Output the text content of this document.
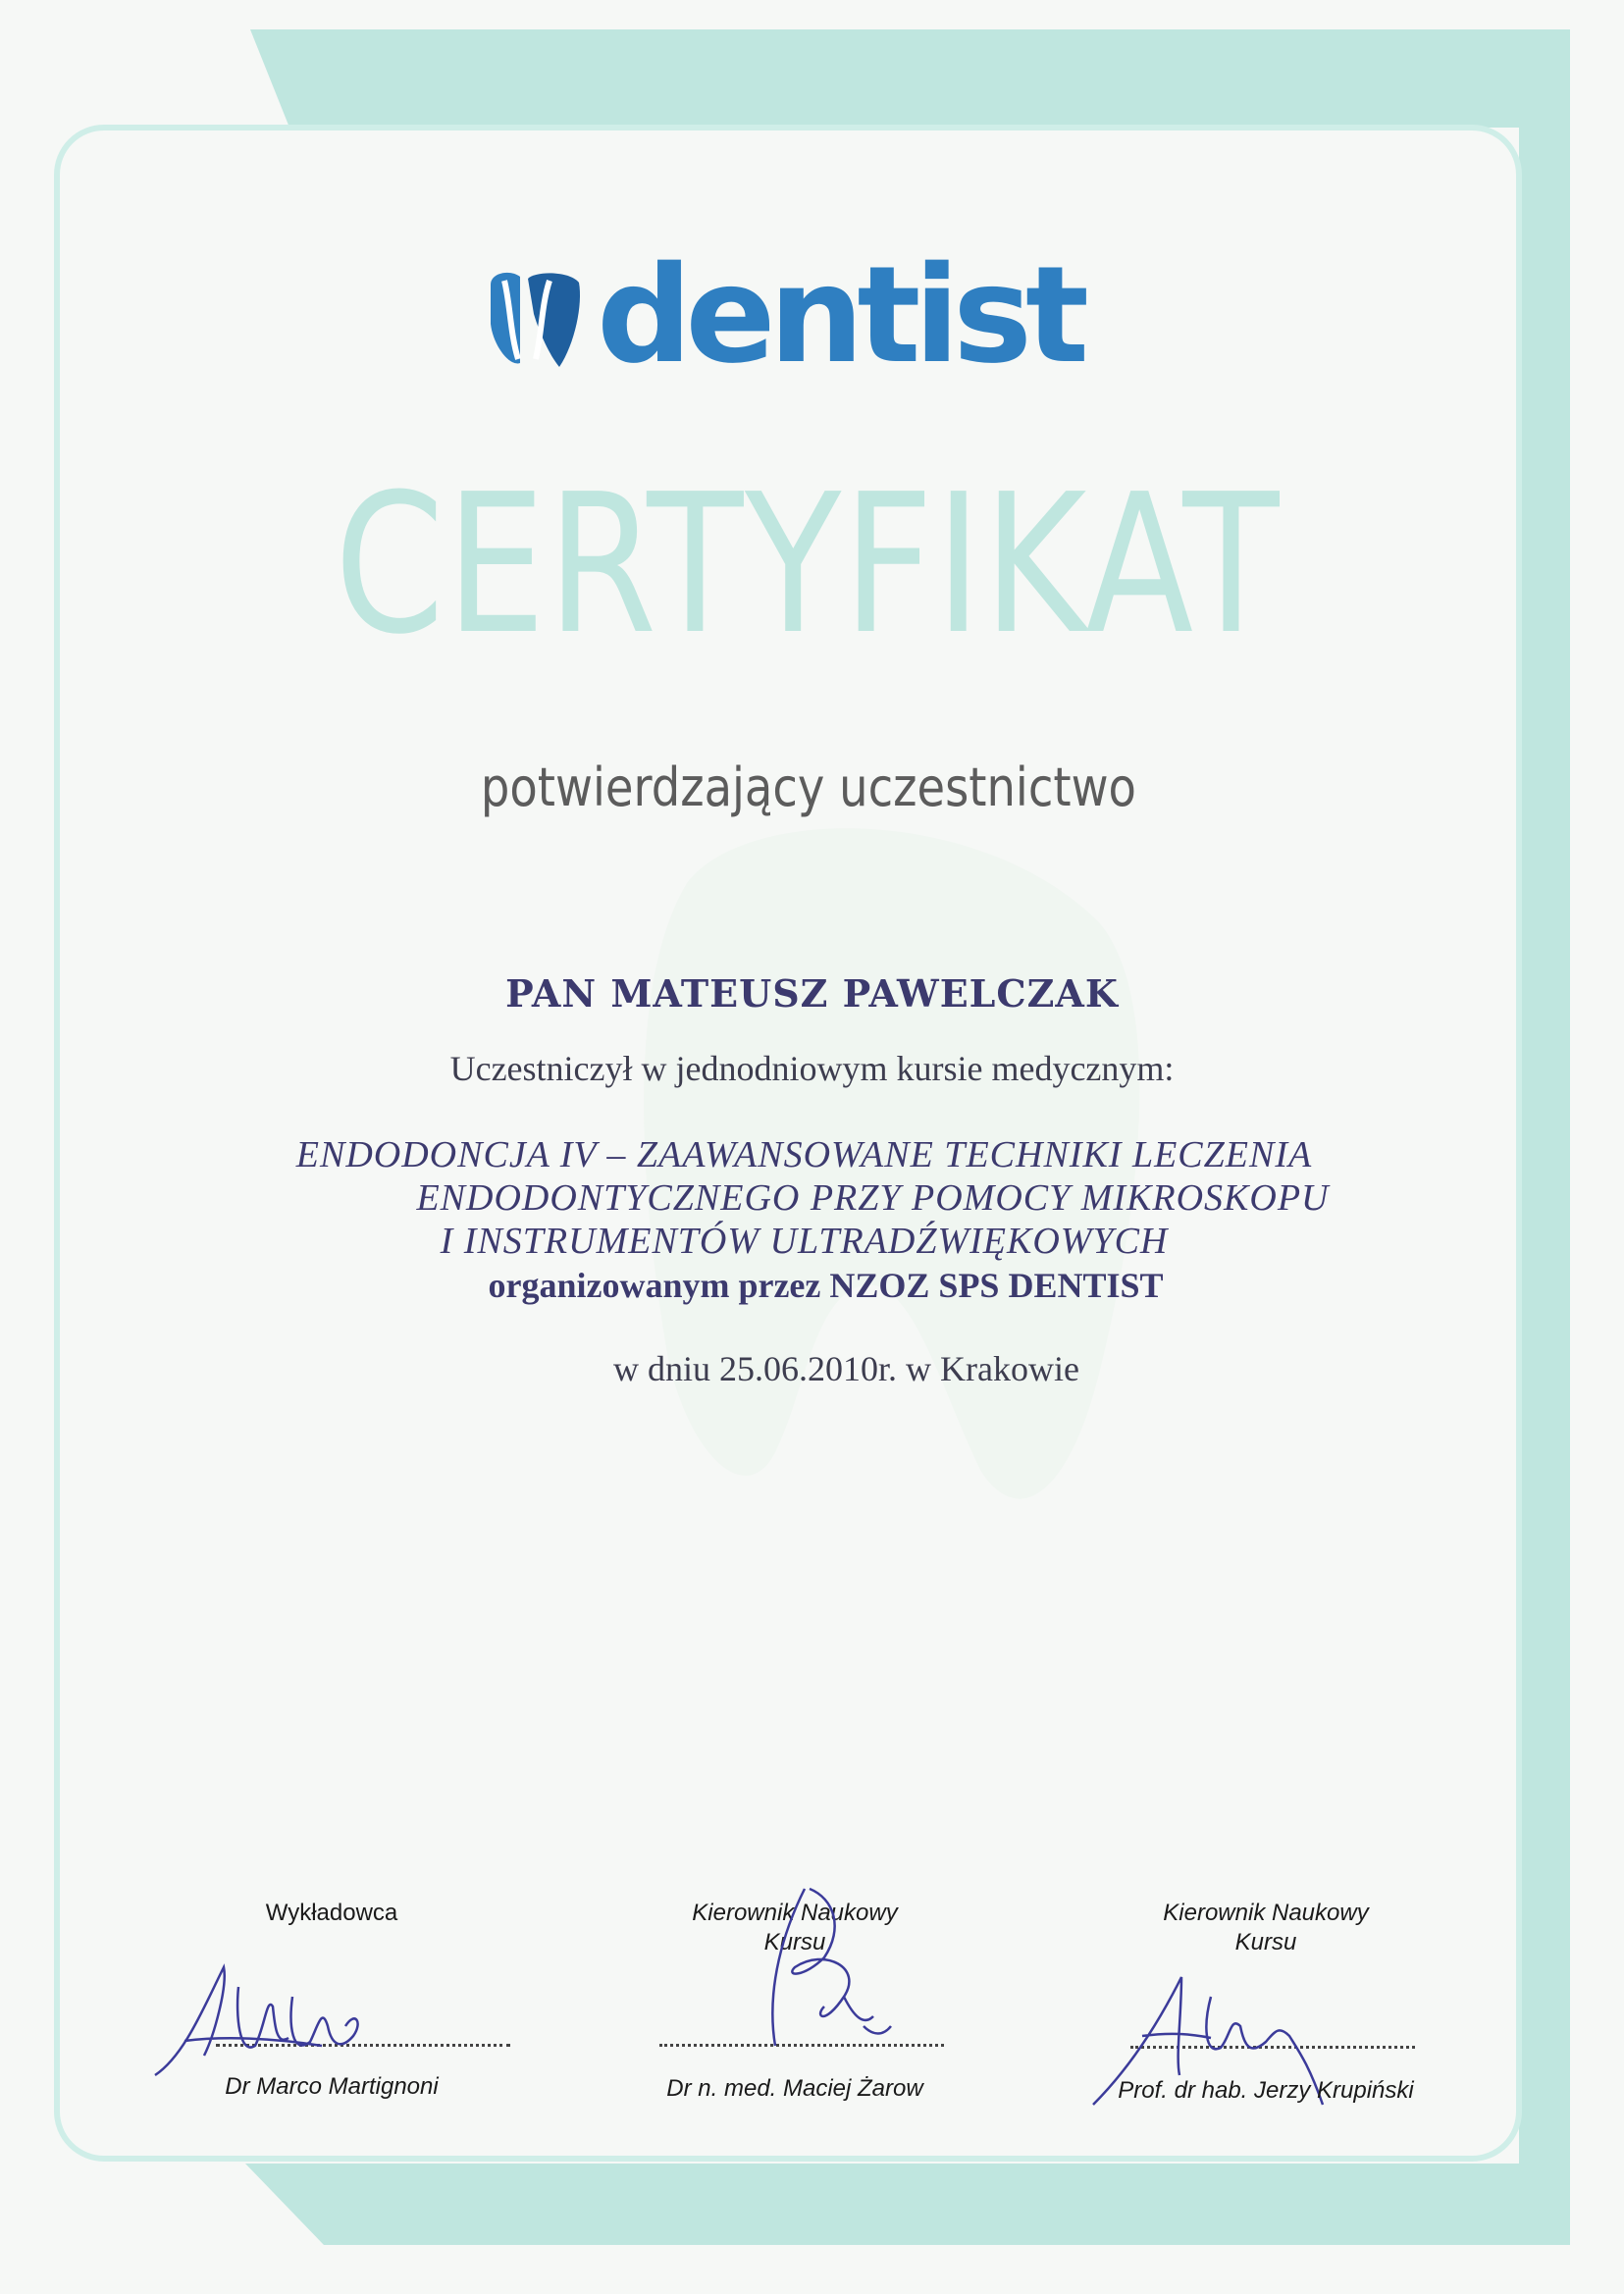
dentist
CERTYFIKAT
potwierdzający uczestnictwo
PAN MATEUSZ PAWELCZAK
Uczestniczył w jednodniowym kursie medycznym:
ENDODONCJA IV – ZAAWANSOWANE TECHNIKI LECZENIA
ENDODONTYCZNEGO PRZY POMOCY MIKROSKOPU
I INSTRUMENTÓW ULTRADŹWIĘKOWYCH
organizowanym przez NZOZ SPS DENTIST
w dniu 25.06.2010r. w Krakowie
Wykładowca
Dr Marco Martignoni
Kierownik Naukowy
Kursu
Dr n. med. Maciej Żarow
Kierownik Naukowy
Kursu
Prof. dr hab. Jerzy Krupiński
